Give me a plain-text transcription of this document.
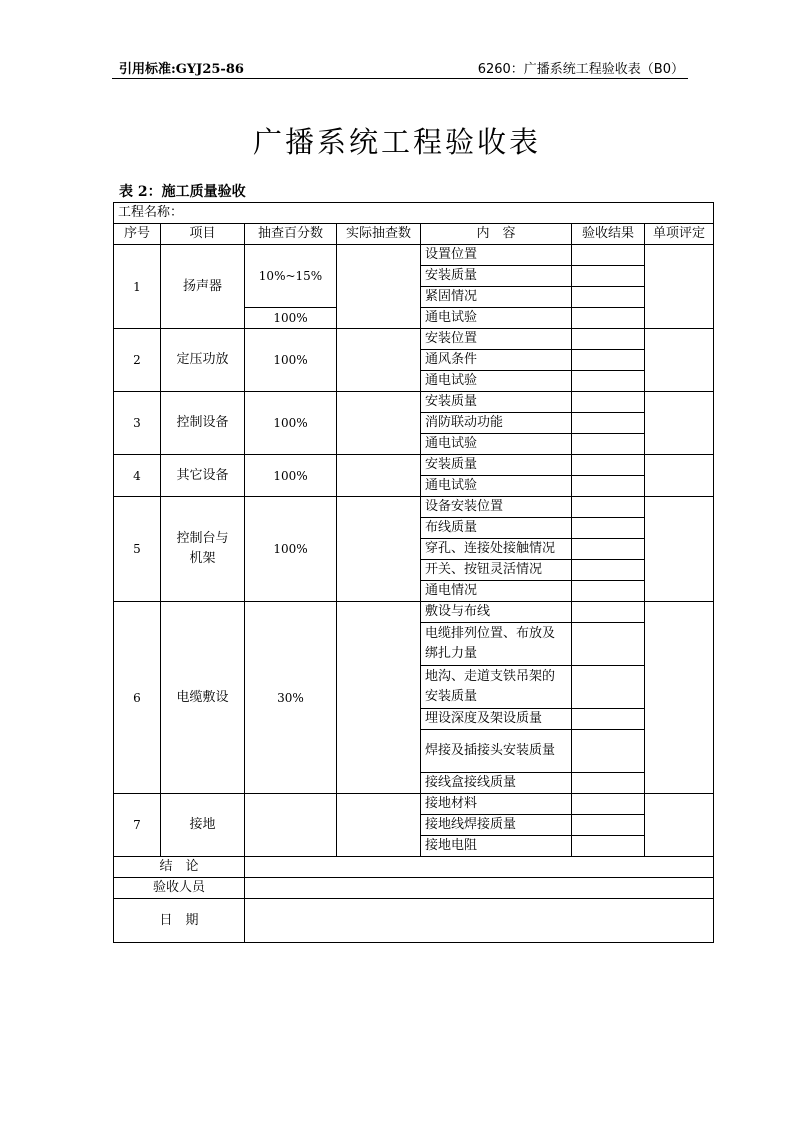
引用标准:GYJ25-86	6260：广播系统工程验收表（B0）
广播系统工程验收表
表 2：施工质量验收
工程名称：						
序号	项目	抽查百分数	实际抽查数	内　容	验收结果	单项评定
1	扬声器	10%~15%		设置位置		
				安装质量		
				紧固情况		
		100%		通电试验		
2	定压功放	100%		安装位置		
				通风条件		
				通电试验		
3	控制设备	100%		安装质量		
				消防联动功能		
				通电试验		
4	其它设备	100%		安装质量		
				通电试验		
5	控制台与机架	100%		设备安装位置		
				布线质量		
				穿孔、连接处接触情况		
				开关、按钮灵活情况		
				通电情况		
6	电缆敷设	30%		敷设与布线		
				电缆排列位置、布放及绑扎力量		
				地沟、走道支铁吊架的安装质量		
				埋设深度及架设质量		
				焊接及插接头安装质量		
				接线盒接线质量		
7	接地			接地材料		
				接地线焊接质量		
				接地电阻		
结　论						
验收人员						
日　期						
